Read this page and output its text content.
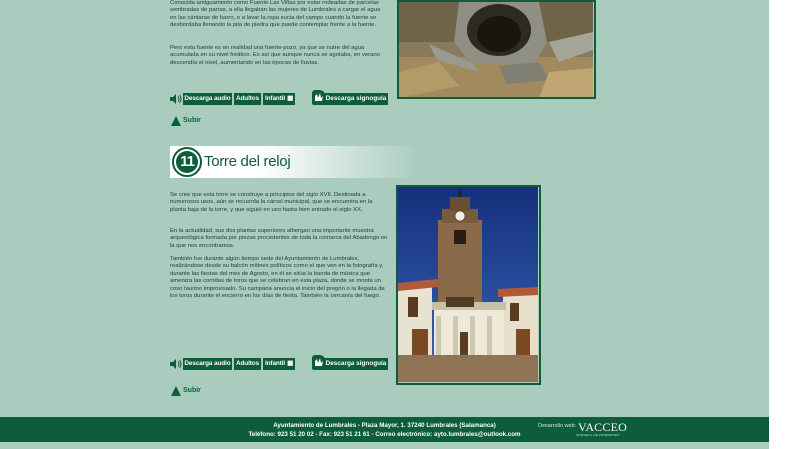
Conocida antiguamente como Fuente Las Viñas por estar rodeadas de parcelas sembradas de parras, a ella llegaban las mujeres de Lumbrales a cargar el agua en las cántaras de barro, o a lavar la ropa sucia del campo cuando la fuente se desbordaba llenando la pila de piedra que puede contemplar frente a la fuente.

Pero esta fuente es en realidad una fuente-pozo, ya que se nutre del agua acumulada en su nivel freático. Es así que aunque nunca se agotaba, en verano descendía el nivel, aumentando en las épocas de lluvias.

Descarga audio Adultos Infantil ▦	Descarga signoguía
Subir
11 Torre del reloj

Se cree que esta torre se construye a principios del siglo XVII. Destinada a numerosos usos, aún se recuerda la cárcel municipal, que se encuentra en la planta baja de la torre, y que siguió en uso hasta bien entrado el siglo XX.

En la actualidad, sus dos plantas superiores albergan una importante muestra arqueológica formada por piezas procedentes de toda la comarca del Abadengo en la que nos encontramos.

También fue durante algún tiempo sede del Ayuntamiento de Lumbrales, realizándose desde su balcón mítines políticos como el que ven en la fotografía y, durante las fiestas del mes de Agosto, en él se sitúa la banda de música que ameniza las corridas de toros que se celebran en esta plaza, donde se monta un coso taurino improvisado. Su campana anuncia el inicio del pregón o la llegada de los toros durante el encierro en los días de fiesta. También la cercanía del fuego.

Descarga audio Adultos Infantil ▦	Descarga signoguía
Subir
Ayuntamiento de Lumbrales - Plaza Mayor, 1. 37240 Lumbrales (Salamanca)
Teléfono: 923 51 20 02 - Fax: 923 51 21 61 - Correo electrónico: ayto.lumbrales@outlook.com
Desarrollo web: VACCEO
INTEGRAL DE PATRIMONIO
